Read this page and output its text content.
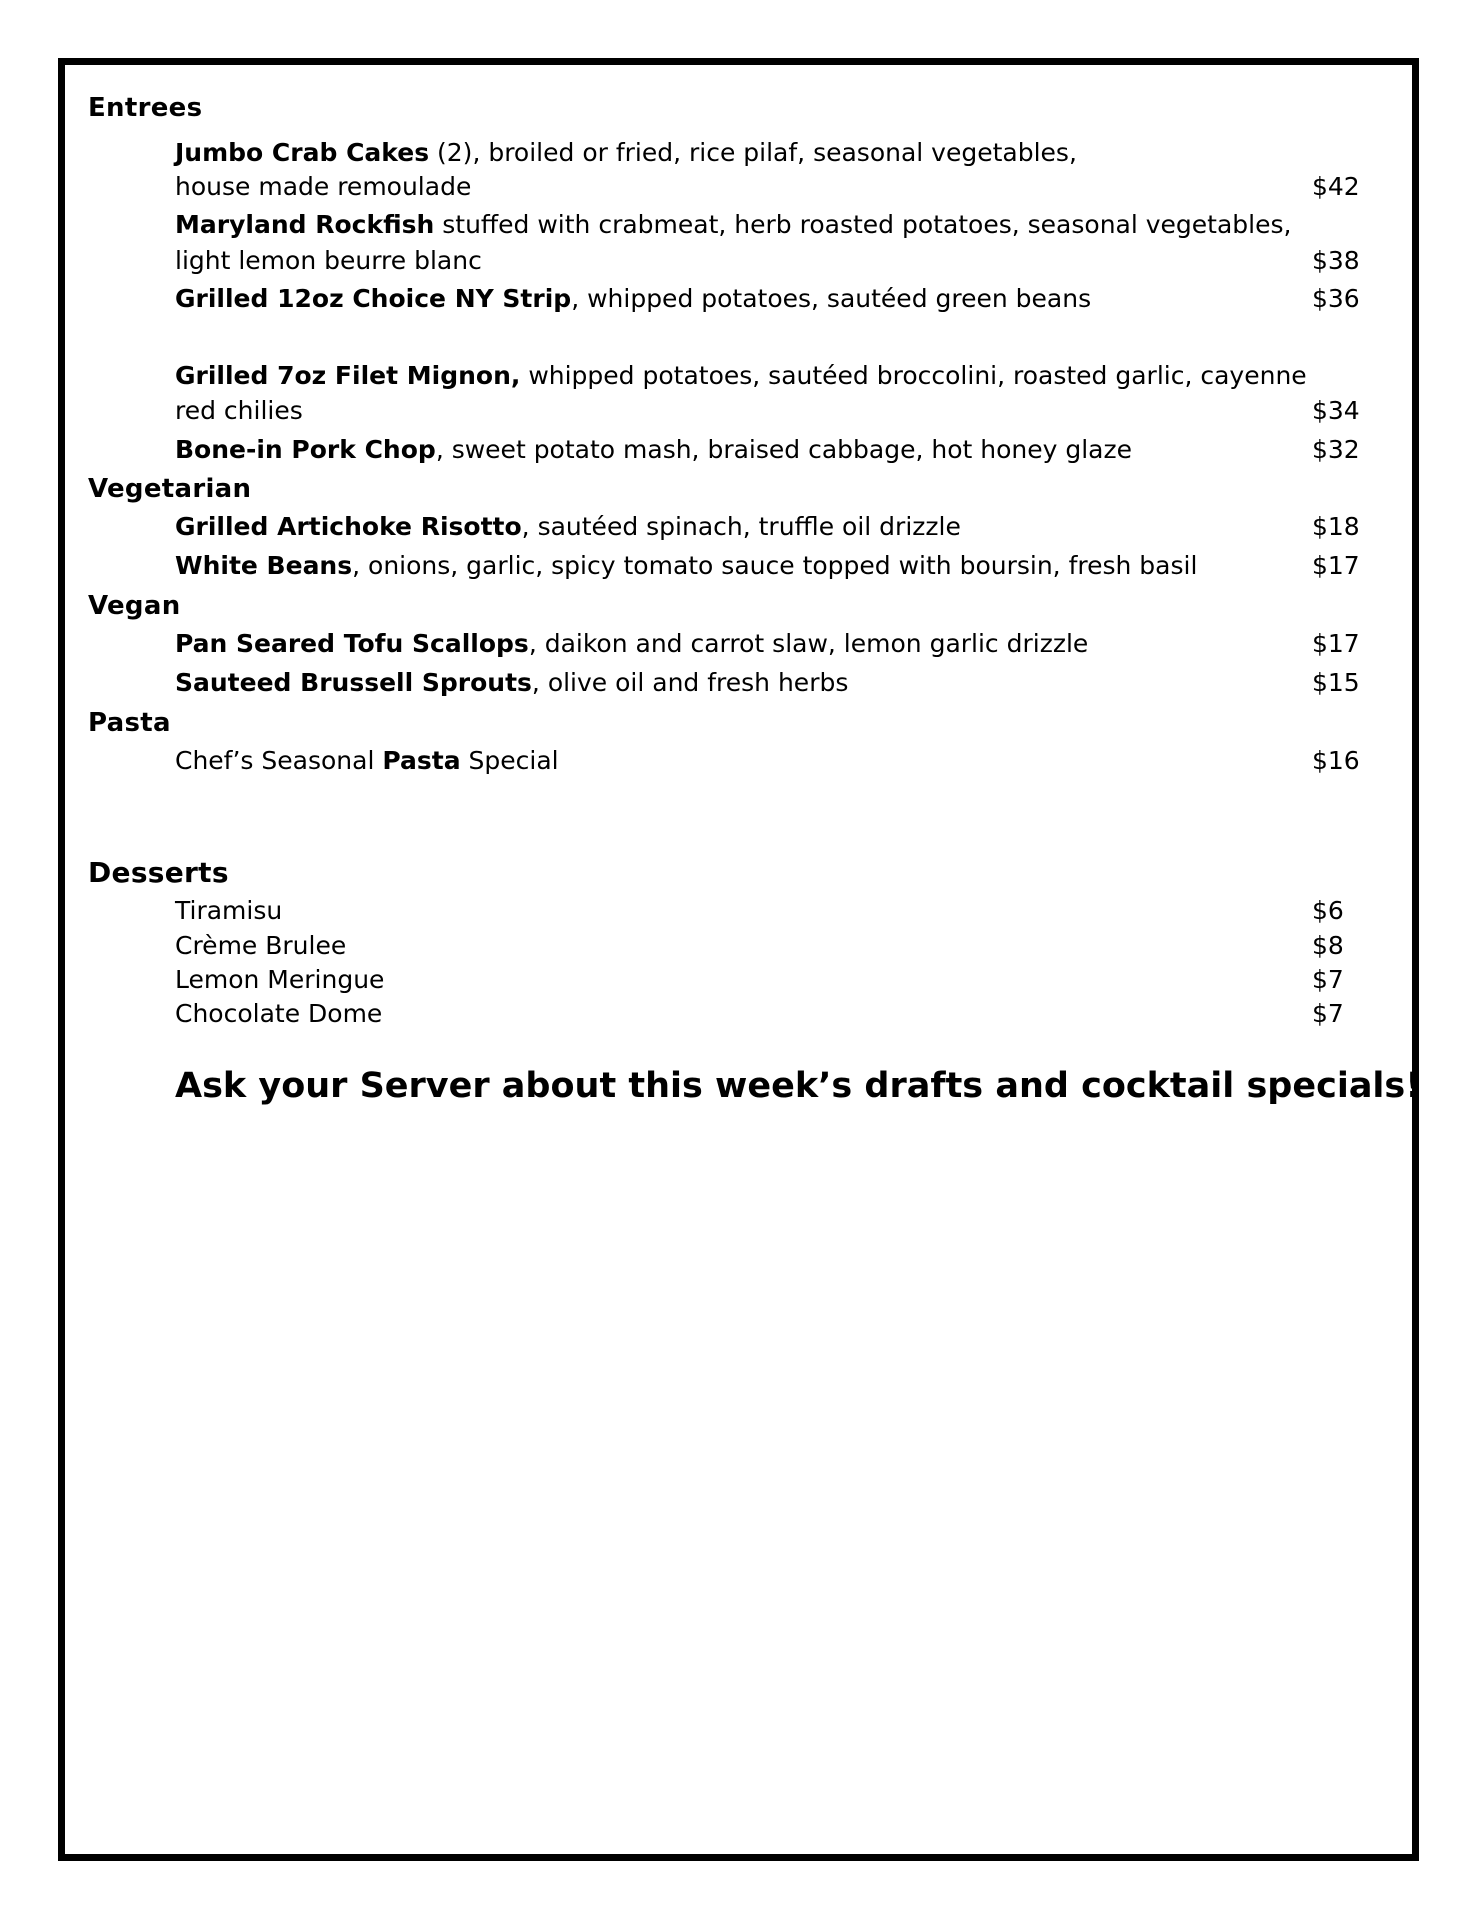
Entrees
Jumbo Crab Cakes (2), broiled or fried, rice pilaf, seasonal vegetables,
house made remoulade	$42
Maryland Rockfish stuffed with crabmeat, herb roasted potatoes, seasonal vegetables,
light lemon beurre blanc	$38
Grilled 12oz Choice NY Strip, whipped potatoes, sautéed green beans	$36
Grilled 7oz Filet Mignon, whipped potatoes, sautéed broccolini, roasted garlic, cayenne
red chilies	$34
Bone-in Pork Chop, sweet potato mash, braised cabbage, hot honey glaze	$32
Vegetarian
Grilled Artichoke Risotto, sautéed spinach, truffle oil drizzle	$18
White Beans, onions, garlic, spicy tomato sauce topped with boursin, fresh basil	$17
Vegan
Pan Seared Tofu Scallops, daikon and carrot slaw, lemon garlic drizzle	$17
Sauteed Brussell Sprouts, olive oil and fresh herbs	$15
Pasta
Chef’s Seasonal Pasta Special	$16
Desserts
Tiramisu	$6
Crème Brulee	$8
Lemon Meringue	$7
Chocolate Dome	$7
Ask your Server about this week’s drafts and cocktail specials!
